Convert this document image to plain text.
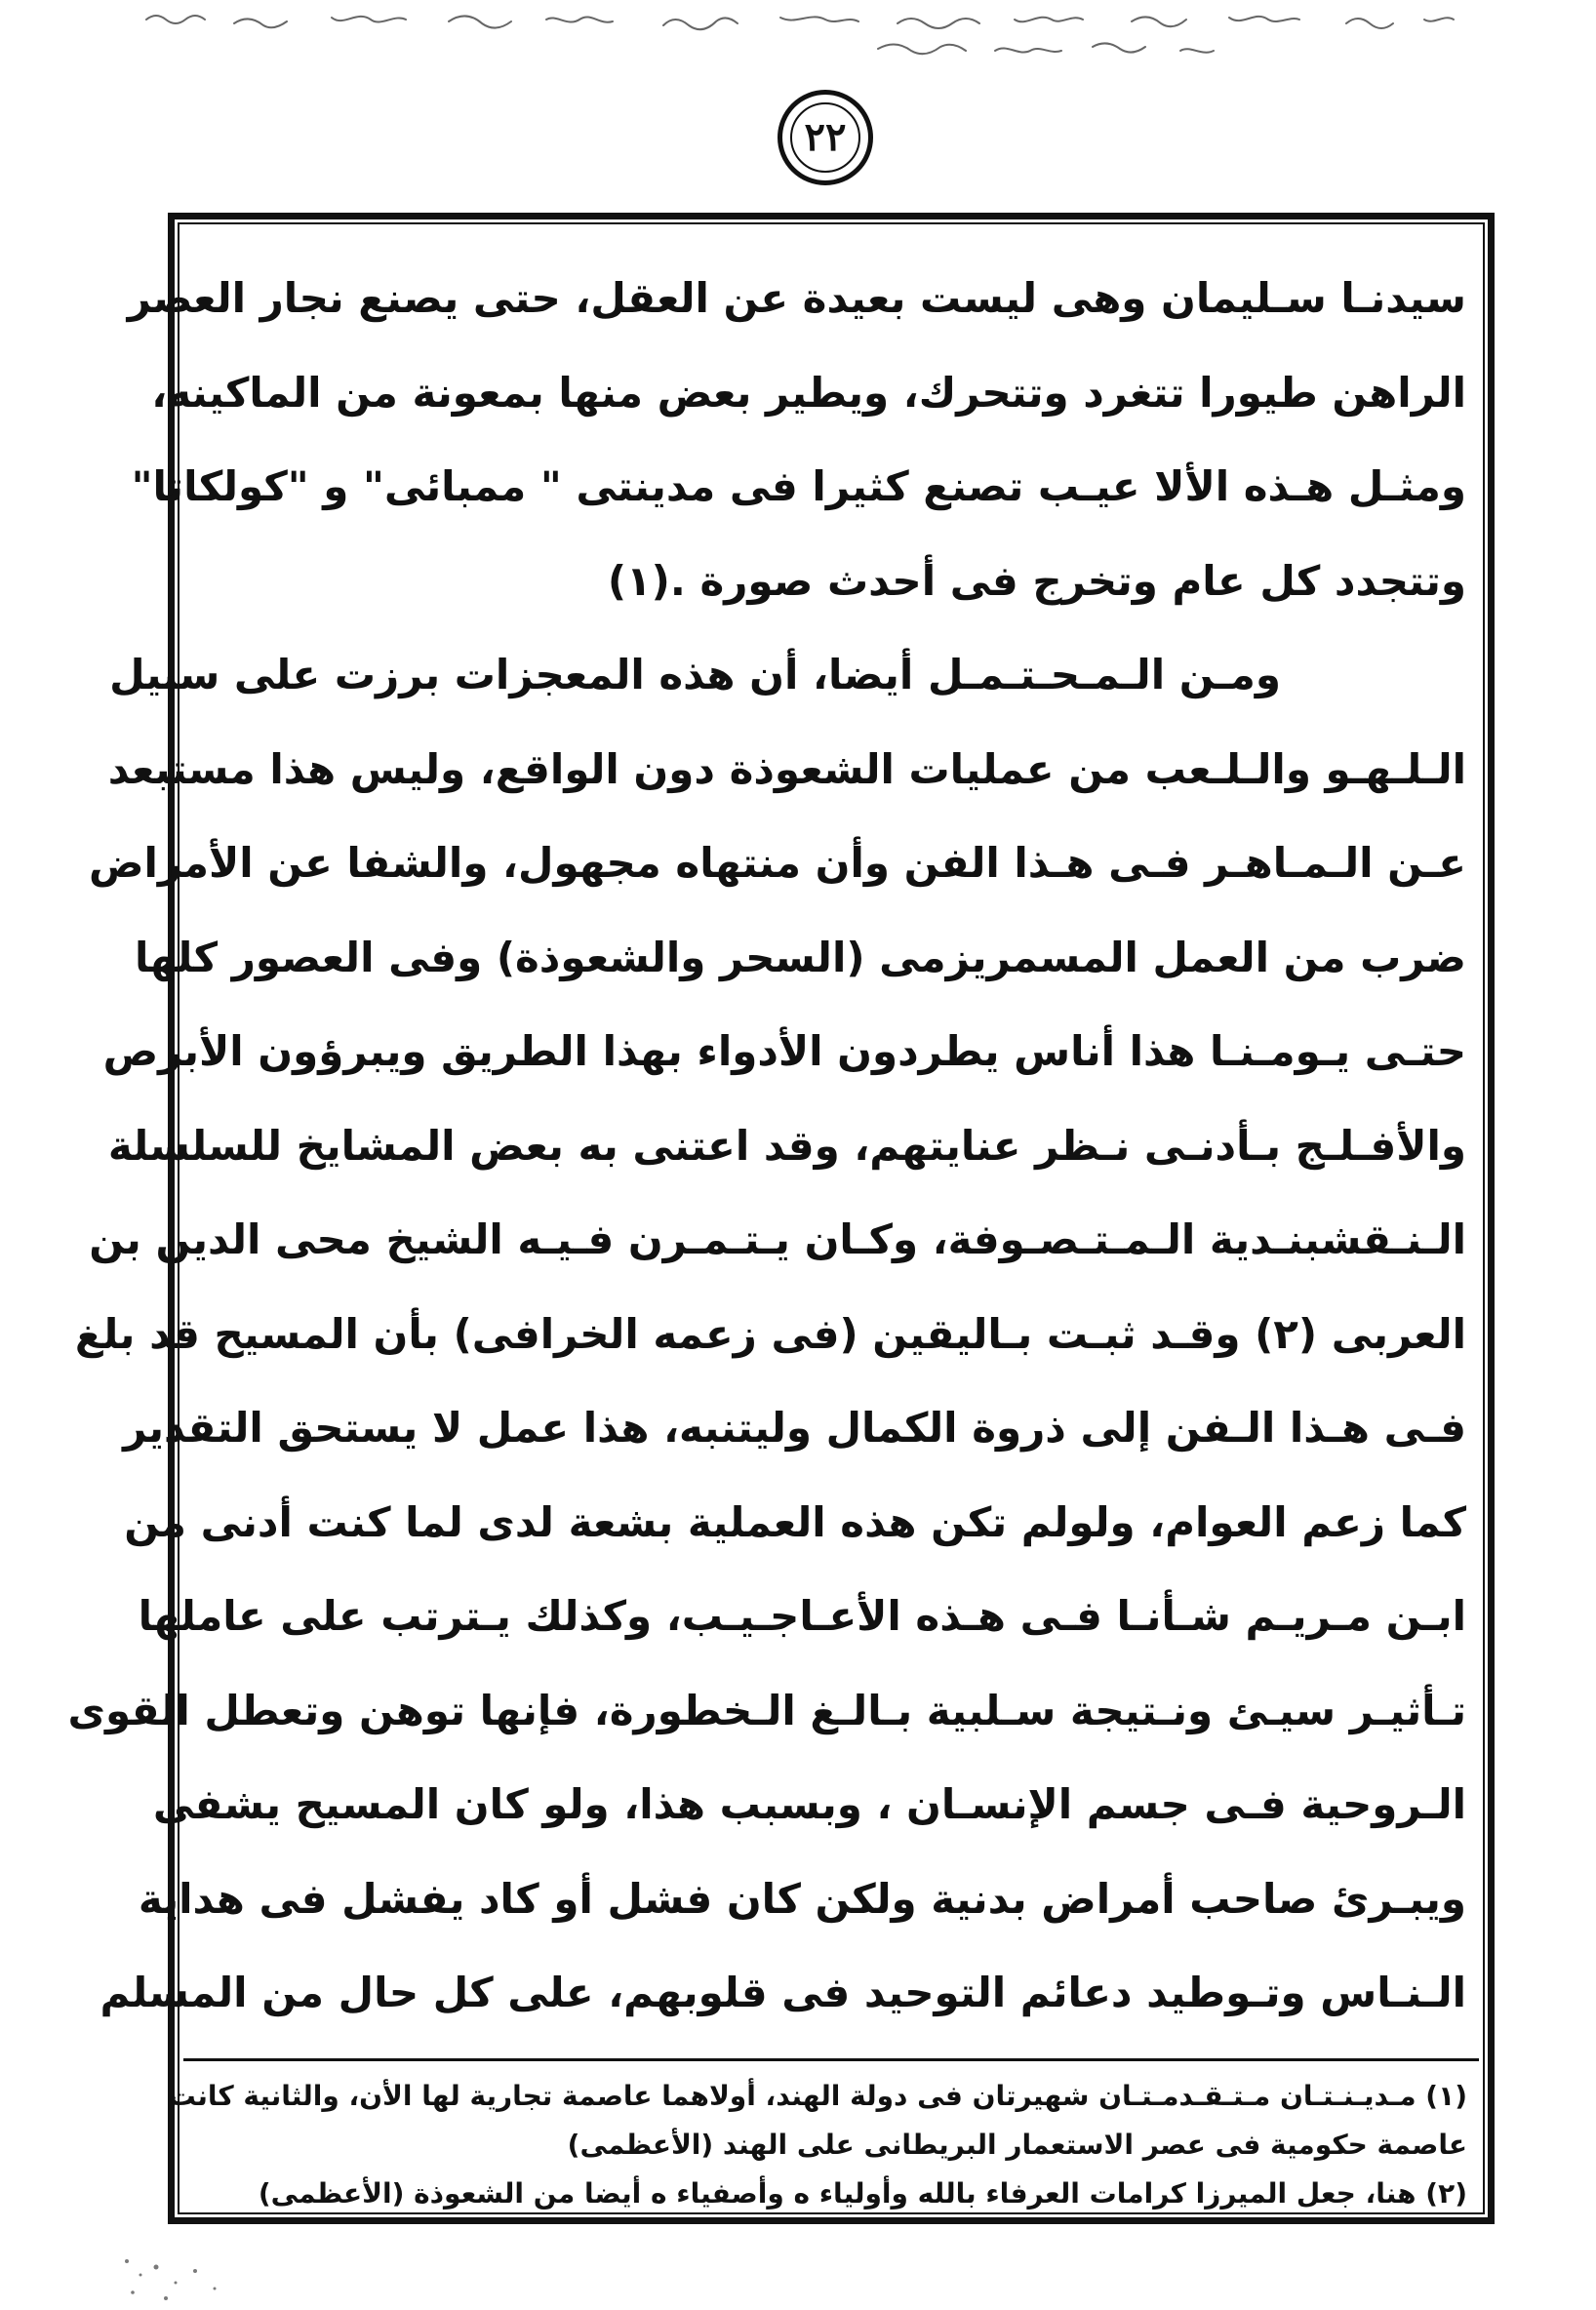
٢٢
سيدنـا سـليمان وهى ليست بعيدة عن العقل، حتى يصنع نجار العصر
الراهن طيورا تتغرد وتتحرك، ويطير بعض منها بمعونة من الماكينه،
ومثـل هـذه الألا عيـب تصنع كثيرا فى مدينتى " ممبائى" و "كولكاتا"
وتتجدد كل عام وتخرج فى أحدث صورة .(١)
ومـن الـمـحـتـمـل أيضا، أن هذه المعجزات برزت على سبيل
الـلـهـو والـلـعب من عمليات الشعوذة دون الواقع، وليس هذا مستبعد
عـن الـمـاهـر فـى هـذا الفن وأن منتهاه مجهول، والشفا عن الأمراض
ضرب من العمل المسمريزمى (السحر والشعوذة) وفى العصور كلها
حتـى يـومـنـا هذا أناس يطردون الأدواء بهذا الطريق ويبرؤون الأبرص
والأفـلـج بـأدنـى نـظر عنايتهم، وقد اعتنى به بعض المشايخ للسلسلة
الـنـقشبنـدية الـمـتـصـوفة، وكـان يـتـمـرن فـيـه الشيخ محى الدين بن
العربى (٢) وقـد ثبـت بـاليقين (فى زعمه الخرافى) بأن المسيح قد بلغ
فـى هـذا الـفن إلى ذروة الكمال وليتنبه، هذا عمل لا يستحق التقدير
كما زعم العوام، ولولم تكن هذه العملية بشعة لدى لما كنت أدنى من
ابـن مـريـم شـأنـا فـى هـذه الأعـاجـيـب، وكذلك يـترتب على عاملها
تـأثيـر سيـئ ونـتيجة سـلبية بـالـغ الـخطورة، فإنها توهن وتعطل القوى
الـروحية فـى جسم الإنسـان ، وبسبب هذا، ولو كان المسيح يشفى
ويبـرئ صاحب أمراض بدنية ولكن كان فشل أو كاد يفشل فى هداية
الـنـاس وتـوطيد دعائم التوحيد فى قلوبهم، على كل حال من المسلم
(١) مـديـنـتـان مـتـقـدمـتـان شهيرتان فى دولة الهند، أولاهما عاصمة تجارية لها الأن، والثانية كانت
عاصمة حكومية فى عصر الاستعمار البريطانى على الهند (الأعظمى)
(٢) هنا، جعل الميرزا كرامات العرفاء بالله وأولياء ه وأصفياء ه أيضا من الشعوذة (الأعظمى)
